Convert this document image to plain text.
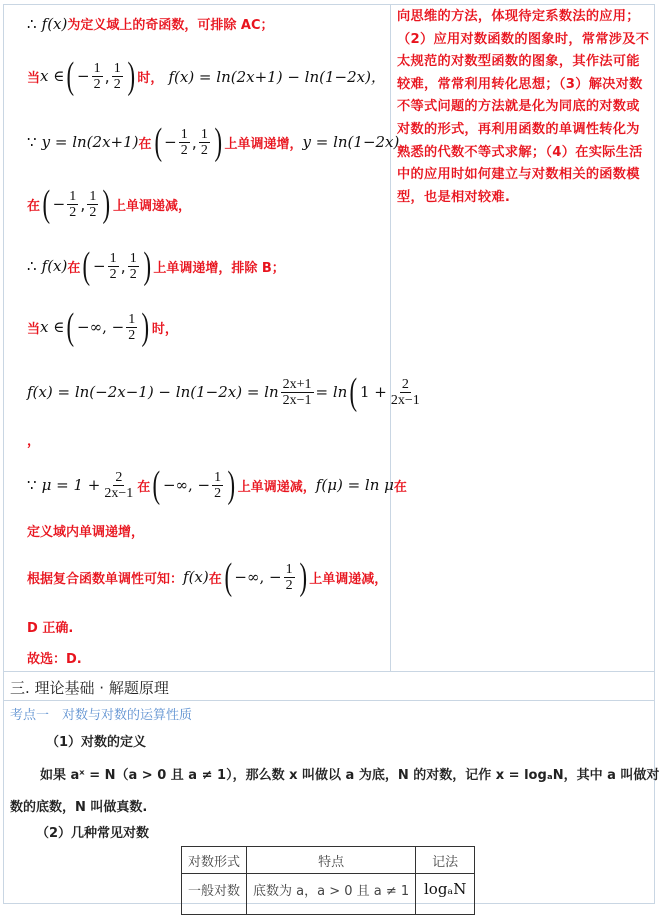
∴
f(x) 为定义域上的奇函数，可排除 AC；
当 x ∈ ( − $\frac{1}{2}$ , $\frac{1}{2}$ ) 时，
f(x) = ln(2x+1) − ln(1−2x)，
∵
y = ln(2x+1) 在 ( − $\frac{1}{2}$ , $\frac{1}{2}$ ) 上单调递增， y = ln(1−2x)
在 ( − $\frac{1}{2}$ , $\frac{1}{2}$ ) 上单调递减，
∴
f(x) 在 ( − $\frac{1}{2}$ , $\frac{1}{2}$ ) 上单调递增，排除 B；
当 x ∈ ( −∞, − $\frac{1}{2}$ ) 时，
$f(x) = \ln(-2x-1) - \ln(1-2x) = \ln \frac{2x+1}{2x-1} = \ln$ ( $1 + \frac{2}{2x-1}$
，
∵
$\mu = 1 + \frac{2}{2x-1}$ 在 ( −∞, − $\frac{1}{2}$ ) 上单调递减， f(μ) = ln μ 在
定义域内单调递增，
根据复合函数单调性可知： f(x) 在 ( −∞, − $\frac{1}{2}$ ) 上单调递减，
D 正确.
故选：D.
向思维的方法，体现待定系数法的应用；（2）应用对数函数的图象时，常常涉及不太规范的对数型函数的图象，其作法可能较难，常常利用转化思想；（3）解决对数不等式问题的方法就是化为同底的对数或对数的形式，再利用函数的单调性转化为熟悉的代数不等式求解；（4）在实际生活中的应用时如何建立与对数相关的函数模型，也是相对较难.
三. 理论基础 · 解题原理
考点一　对数与对数的运算性质
（1）对数的定义
如果 aˣ = N（a > 0 且 a ≠ 1），那么数 x 叫做以 a 为底，N 的对数，记作 x = logₐN，其中 a 叫做对
数的底数，N 叫做真数.
（2）几种常见对数
对数形式	特点	记法
一般对数	底数为 a，a > 0 且 a ≠ 1	logₐN
